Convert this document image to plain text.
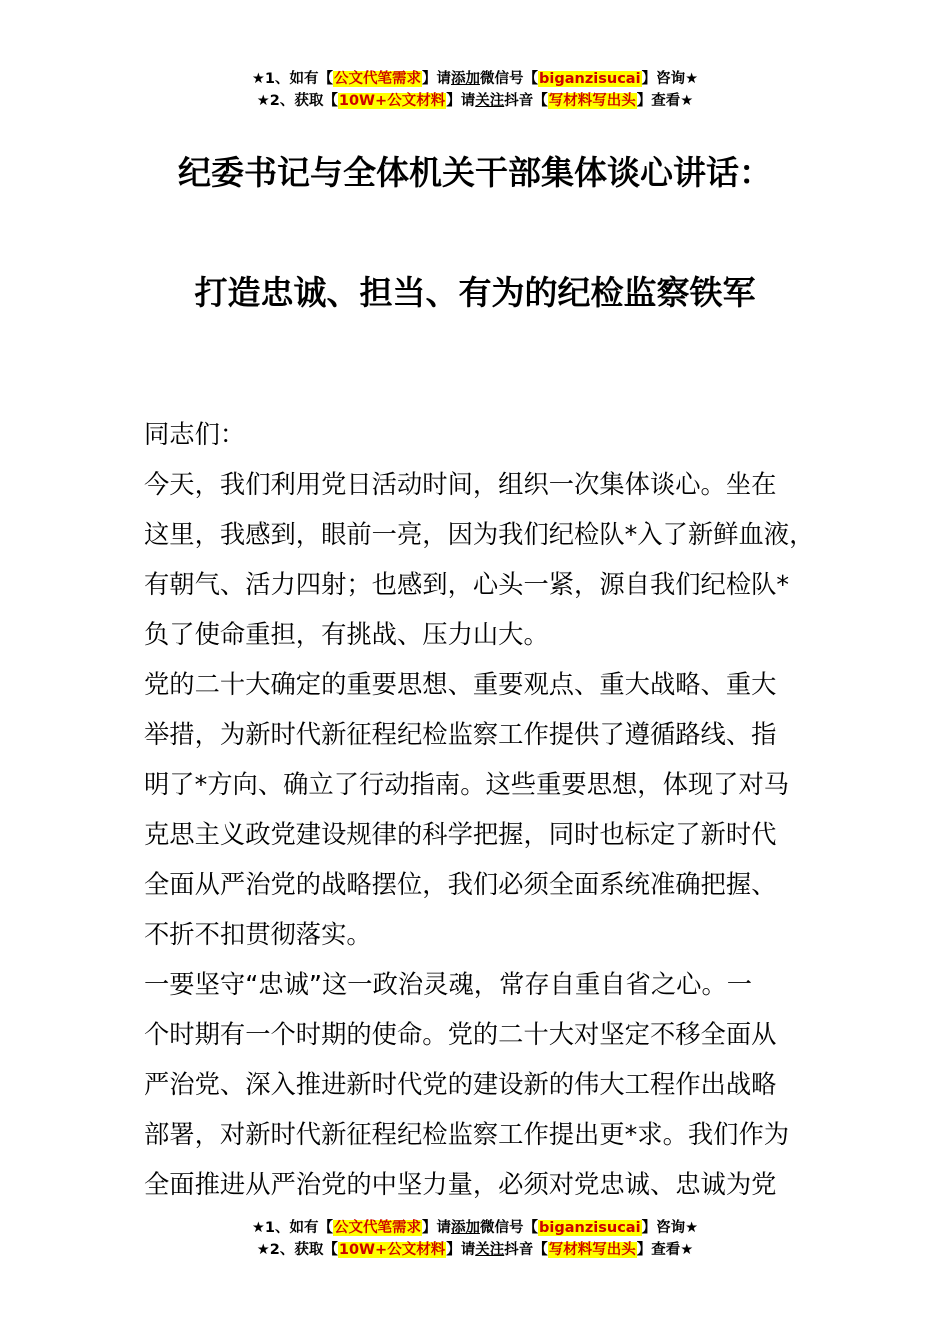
★1、如有【公文代笔需求】请添加微信号【biganzisucai】咨询★
★2、获取【10W+公文材料】请关注抖音【写材料写出头】查看★
纪委书记与全体机关干部集体谈心讲话：
打造忠诚、担当、有为的纪检监察铁军

同志们：

今天，我们利用党日活动时间，组织一次集体谈心。坐在
这里，我感到，眼前一亮，因为我们纪检队*入了新鲜血液，
有朝气、活力四射；也感到，心头一紧，源自我们纪检队*
负了使命重担，有挑战、压力山大。

党的二十大确定的重要思想、重要观点、重大战略、重大
举措，为新时代新征程纪检监察工作提供了遵循路线、指
明了*方向、确立了行动指南。这些重要思想，体现了对马
克思主义政党建设规律的科学把握，同时也标定了新时代
全面从严治党的战略摆位，我们必须全面系统准确把握、
不折不扣贯彻落实。

一要坚守“忠诚”这一政治灵魂，常存自重自省之心。一
个时期有一个时期的使命。党的二十大对坚定不移全面从
严治党、深入推进新时代党的建设新的伟大工程作出战略
部署，对新时代新征程纪检监察工作提出更*求。我们作为
全面推进从严治党的中坚力量，必须对党忠诚、忠诚为党

★1、如有【公文代笔需求】请添加微信号【biganzisucai】咨询★
★2、获取【10W+公文材料】请关注抖音【写材料写出头】查看★
